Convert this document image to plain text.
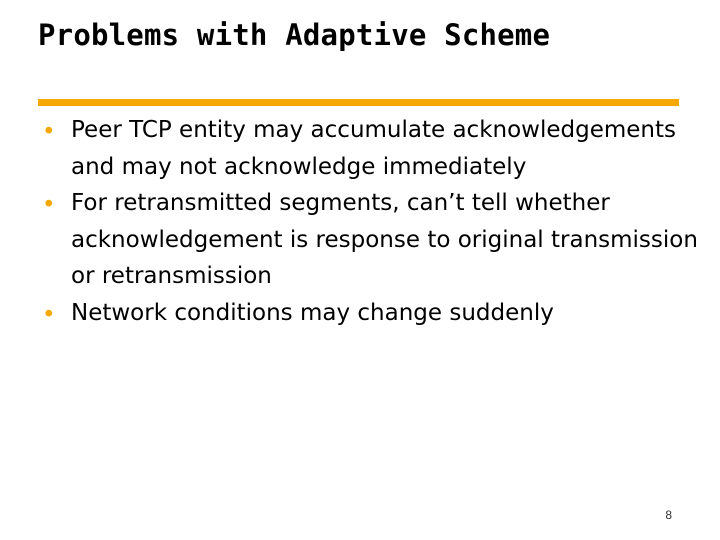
Problems with Adaptive Scheme
• Peer TCP entity may accumulate acknowledgements and may not acknowledge immediately
• For retransmitted segments, can’t tell whether acknowledgement is response to original transmission or retransmission
• Network conditions may change suddenly
8
